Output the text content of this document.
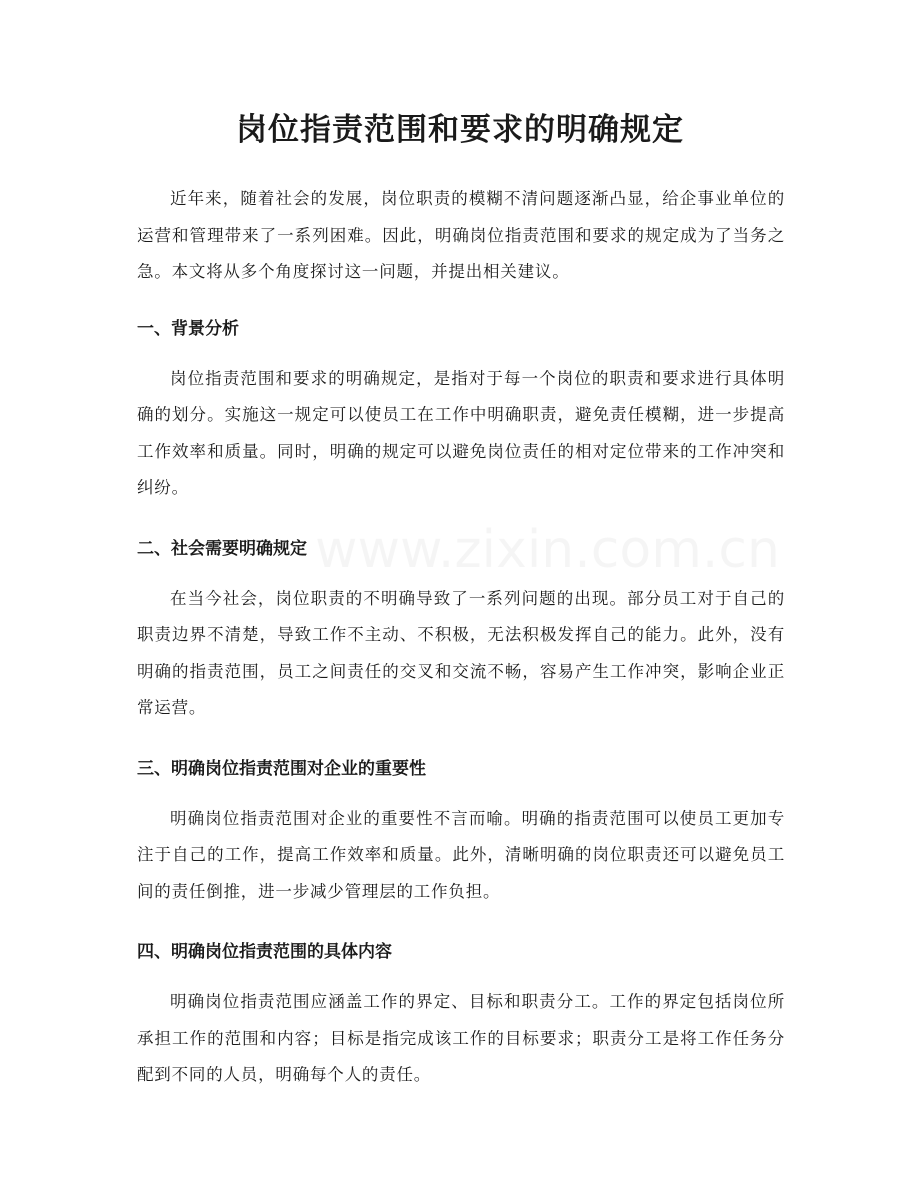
岗位指责范围和要求的明确规定

近年来，随着社会的发展，岗位职责的模糊不清问题逐渐凸显，给企事业单位的运营和管理带来了一系列困难。因此，明确岗位指责范围和要求的规定成为了当务之急。本文将从多个角度探讨这一问题，并提出相关建议。

一、背景分析

岗位指责范围和要求的明确规定，是指对于每一个岗位的职责和要求进行具体明确的划分。实施这一规定可以使员工在工作中明确职责，避免责任模糊，进一步提高工作效率和质量。同时，明确的规定可以避免岗位责任的相对定位带来的工作冲突和纠纷。

二、社会需要明确规定

在当今社会，岗位职责的不明确导致了一系列问题的出现。部分员工对于自己的职责边界不清楚，导致工作不主动、不积极，无法积极发挥自己的能力。此外，没有明确的指责范围，员工之间责任的交叉和交流不畅，容易产生工作冲突，影响企业正常运营。

三、明确岗位指责范围对企业的重要性

明确岗位指责范围对企业的重要性不言而喻。明确的指责范围可以使员工更加专注于自己的工作，提高工作效率和质量。此外，清晰明确的岗位职责还可以避免员工间的责任倒推，进一步减少管理层的工作负担。

四、明确岗位指责范围的具体内容

明确岗位指责范围应涵盖工作的界定、目标和职责分工。工作的界定包括岗位所承担工作的范围和内容；目标是指完成该工作的目标要求；职责分工是将工作任务分配到不同的人员，明确每个人的责任。
